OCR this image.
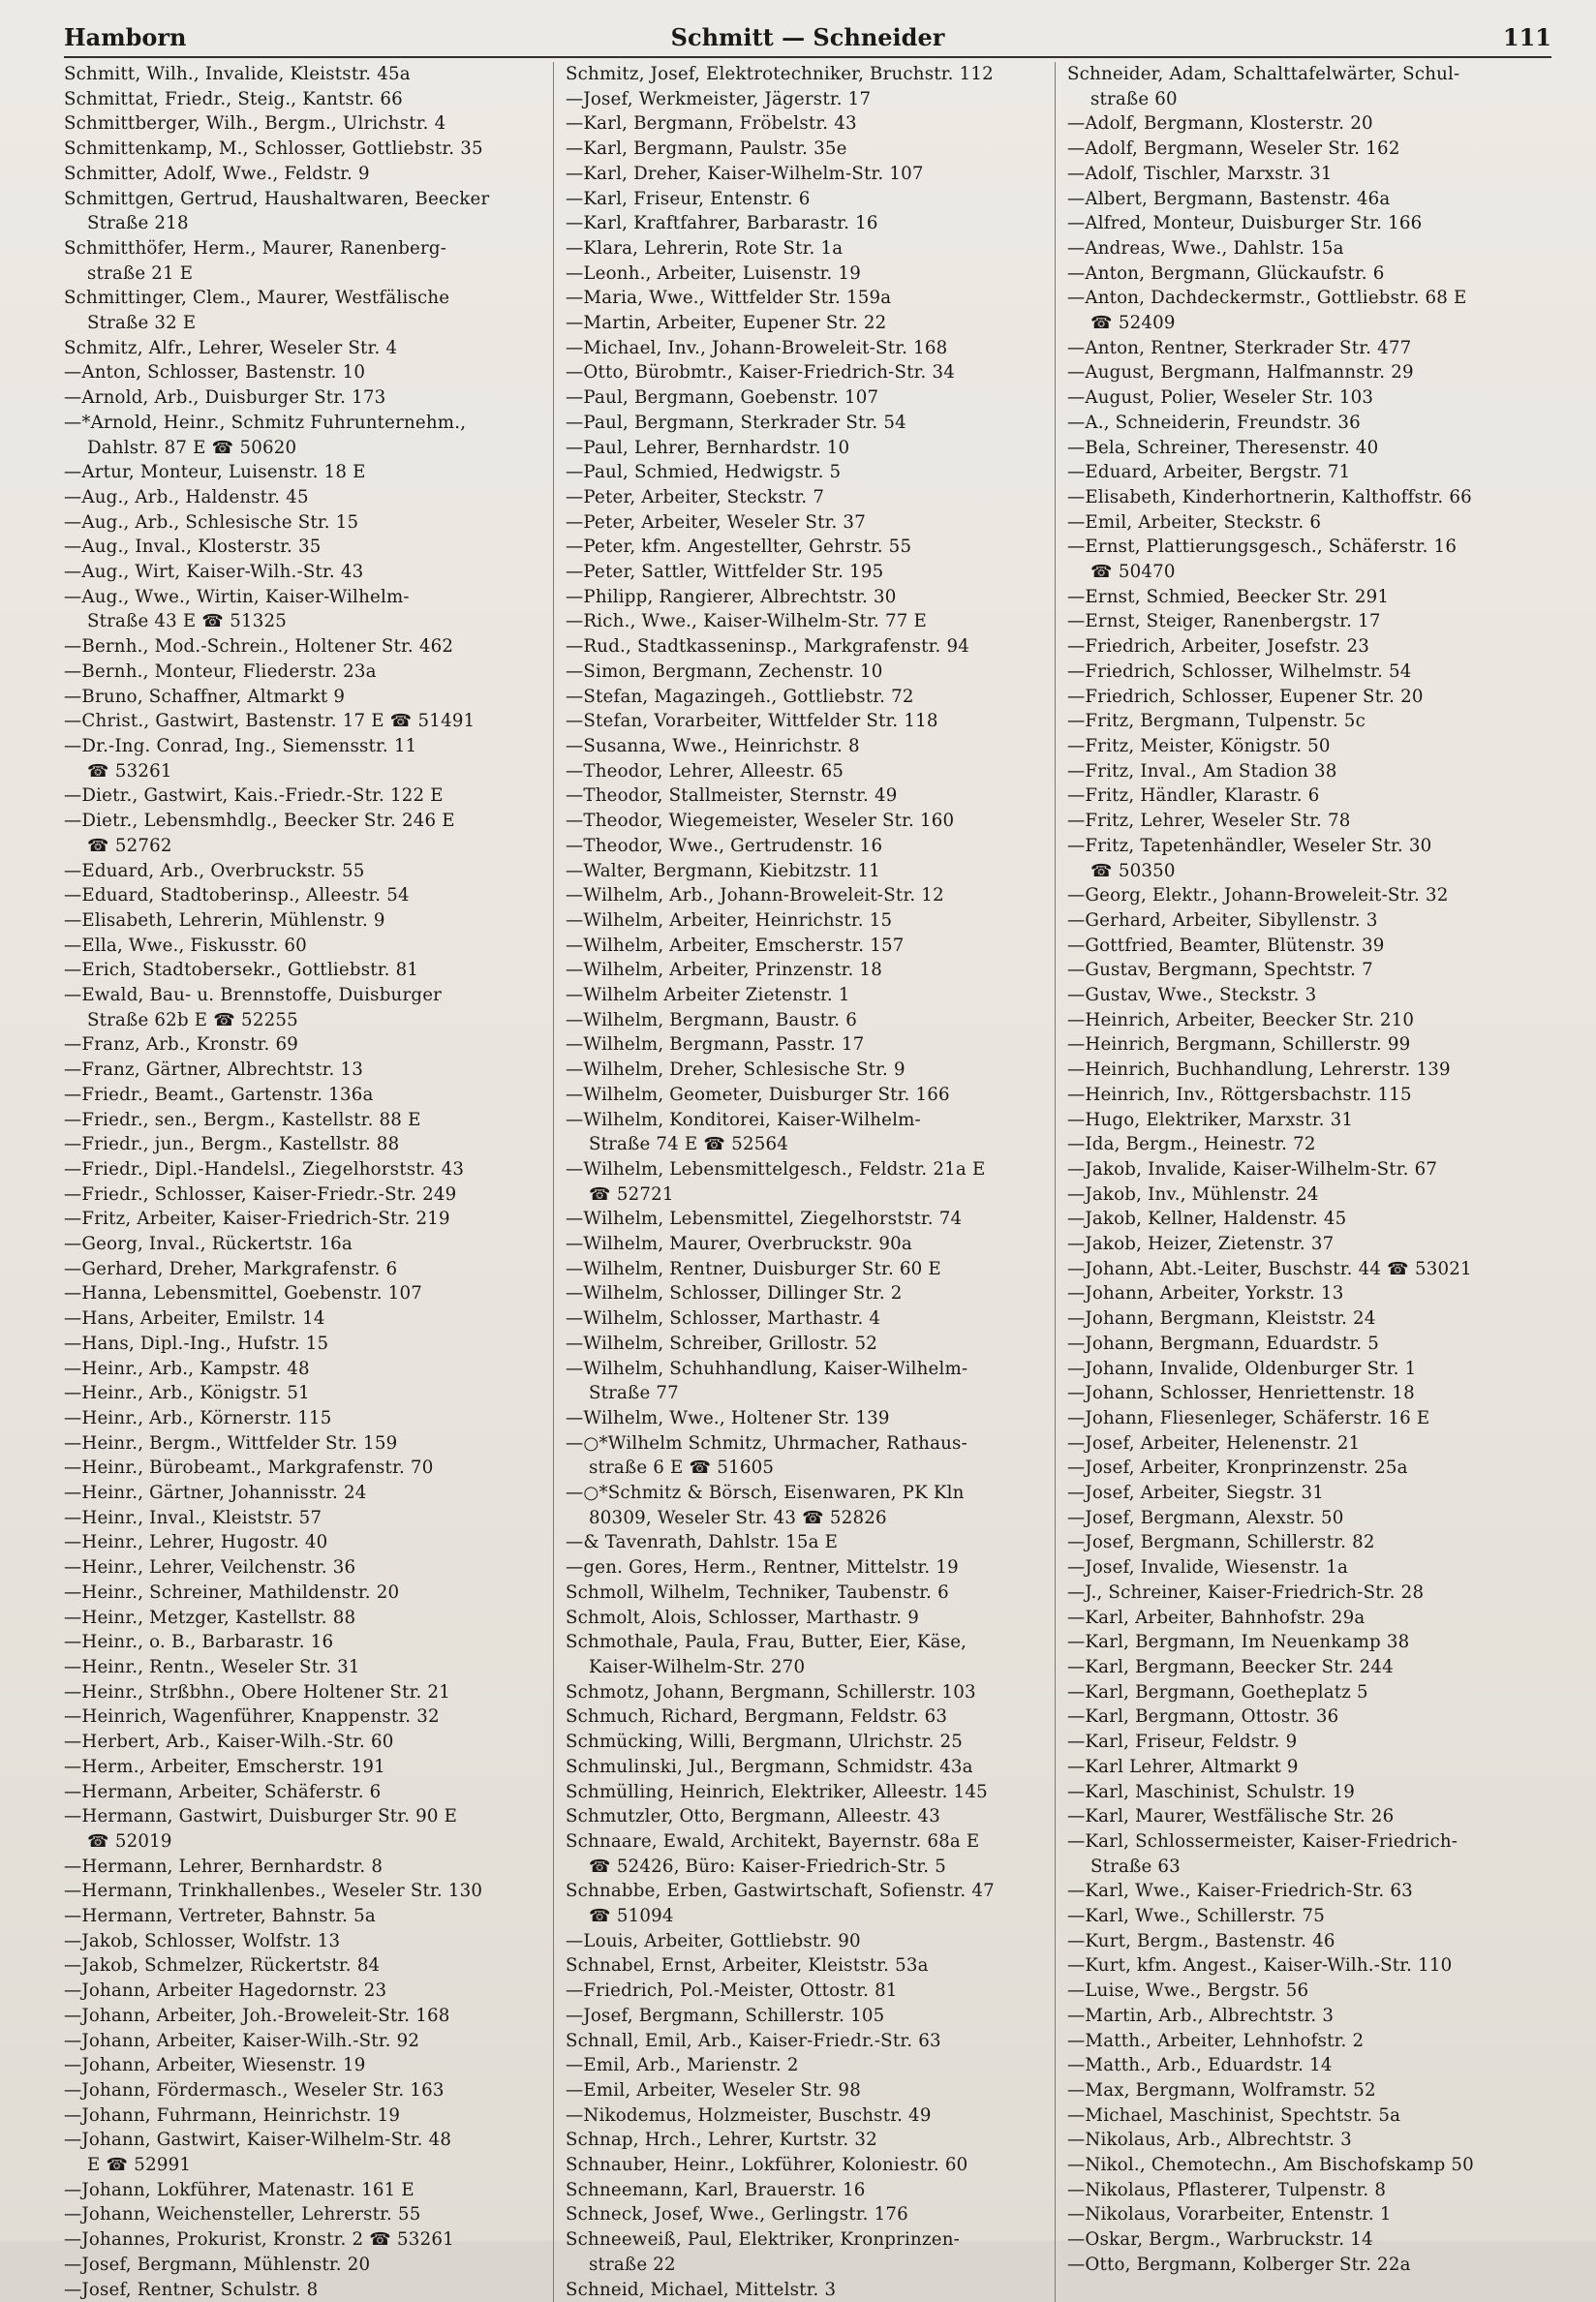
Hamborn	Schmitt — Schneider	111
Schmitt, Wilh., Invalide, Kleiststr. 45a
Schmittat, Friedr., Steig., Kantstr. 66
Schmittberger, Wilh., Bergm., Ulrichstr. 4
Schmittenkamp, M., Schlosser, Gottliebstr. 35
Schmitter, Adolf, Wwe., Feldstr. 9
Schmittgen, Gertrud, Haushaltwaren, Beecker
Straße 218
Schmitthöfer, Herm., Maurer, Ranenberg-
straße 21 E
Schmittinger, Clem., Maurer, Westfälische
Straße 32 E
Schmitz, Alfr., Lehrer, Weseler Str. 4
—Anton, Schlosser, Bastenstr. 10
—Arnold, Arb., Duisburger Str. 173
—*Arnold, Heinr., Schmitz Fuhrunternehm.,
Dahlstr. 87 E ☎ 50620
—Artur, Monteur, Luisenstr. 18 E
—Aug., Arb., Haldenstr. 45
—Aug., Arb., Schlesische Str. 15
—Aug., Inval., Klosterstr. 35
—Aug., Wirt, Kaiser-Wilh.-Str. 43
—Aug., Wwe., Wirtin, Kaiser-Wilhelm-
Straße 43 E ☎ 51325
—Bernh., Mod.-Schrein., Holtener Str. 462
—Bernh., Monteur, Fliederstr. 23a
—Bruno, Schaffner, Altmarkt 9
—Christ., Gastwirt, Bastenstr. 17 E ☎ 51491
—Dr.-Ing. Conrad, Ing., Siemensstr. 11
☎ 53261
—Dietr., Gastwirt, Kais.-Friedr.-Str. 122 E
—Dietr., Lebensmhdlg., Beecker Str. 246 E
☎ 52762
—Eduard, Arb., Overbruckstr. 55
—Eduard, Stadtoberinsp., Alleestr. 54
—Elisabeth, Lehrerin, Mühlenstr. 9
—Ella, Wwe., Fiskusstr. 60
—Erich, Stadtobersekr., Gottliebstr. 81
—Ewald, Bau- u. Brennstoffe, Duisburger
Straße 62b E ☎ 52255
—Franz, Arb., Kronstr. 69
—Franz, Gärtner, Albrechtstr. 13
—Friedr., Beamt., Gartenstr. 136a
—Friedr., sen., Bergm., Kastellstr. 88 E
—Friedr., jun., Bergm., Kastellstr. 88
—Friedr., Dipl.-Handelsl., Ziegelhorststr. 43
—Friedr., Schlosser, Kaiser-Friedr.-Str. 249
—Fritz, Arbeiter, Kaiser-Friedrich-Str. 219
—Georg, Inval., Rückertstr. 16a
—Gerhard, Dreher, Markgrafenstr. 6
—Hanna, Lebensmittel, Goebenstr. 107
—Hans, Arbeiter, Emilstr. 14
—Hans, Dipl.-Ing., Hufstr. 15
—Heinr., Arb., Kampstr. 48
—Heinr., Arb., Königstr. 51
—Heinr., Arb., Körnerstr. 115
—Heinr., Bergm., Wittfelder Str. 159
—Heinr., Bürobeamt., Markgrafenstr. 70
—Heinr., Gärtner, Johannisstr. 24
—Heinr., Inval., Kleiststr. 57
—Heinr., Lehrer, Hugostr. 40
—Heinr., Lehrer, Veilchenstr. 36
—Heinr., Schreiner, Mathildenstr. 20
—Heinr., Metzger, Kastellstr. 88
—Heinr., o. B., Barbarastr. 16
—Heinr., Rentn., Weseler Str. 31
—Heinr., Strßbhn., Obere Holtener Str. 21
—Heinrich, Wagenführer, Knappenstr. 32
—Herbert, Arb., Kaiser-Wilh.-Str. 60
—Herm., Arbeiter, Emscherstr. 191
—Hermann, Arbeiter, Schäferstr. 6
—Hermann, Gastwirt, Duisburger Str. 90 E
☎ 52019
—Hermann, Lehrer, Bernhardstr. 8
—Hermann, Trinkhallenbes., Weseler Str. 130
—Hermann, Vertreter, Bahnstr. 5a
—Jakob, Schlosser, Wolfstr. 13
—Jakob, Schmelzer, Rückertstr. 84
—Johann, Arbeiter Hagedornstr. 23
—Johann, Arbeiter, Joh.-Broweleit-Str. 168
—Johann, Arbeiter, Kaiser-Wilh.-Str. 92
—Johann, Arbeiter, Wiesenstr. 19
—Johann, Fördermasch., Weseler Str. 163
—Johann, Fuhrmann, Heinrichstr. 19
—Johann, Gastwirt, Kaiser-Wilhelm-Str. 48
E ☎ 52991
—Johann, Lokführer, Matenastr. 161 E
—Johann, Weichensteller, Lehrerstr. 55
—Johannes, Prokurist, Kronstr. 2 ☎ 53261
—Josef, Bergmann, Mühlenstr. 20
—Josef, Rentner, Schulstr. 8
Schmitz, Josef, Elektrotechniker, Bruchstr. 112
—Josef, Werkmeister, Jägerstr. 17
—Karl, Bergmann, Fröbelstr. 43
—Karl, Bergmann, Paulstr. 35e
—Karl, Dreher, Kaiser-Wilhelm-Str. 107
—Karl, Friseur, Entenstr. 6
—Karl, Kraftfahrer, Barbarastr. 16
—Klara, Lehrerin, Rote Str. 1a
—Leonh., Arbeiter, Luisenstr. 19
—Maria, Wwe., Wittfelder Str. 159a
—Martin, Arbeiter, Eupener Str. 22
—Michael, Inv., Johann-Broweleit-Str. 168
—Otto, Bürobmtr., Kaiser-Friedrich-Str. 34
—Paul, Bergmann, Goebenstr. 107
—Paul, Bergmann, Sterkrader Str. 54
—Paul, Lehrer, Bernhardstr. 10
—Paul, Schmied, Hedwigstr. 5
—Peter, Arbeiter, Steckstr. 7
—Peter, Arbeiter, Weseler Str. 37
—Peter, kfm. Angestellter, Gehrstr. 55
—Peter, Sattler, Wittfelder Str. 195
—Philipp, Rangierer, Albrechtstr. 30
—Rich., Wwe., Kaiser-Wilhelm-Str. 77 E
—Rud., Stadtkasseninsp., Markgrafenstr. 94
—Simon, Bergmann, Zechenstr. 10
—Stefan, Magazingeh., Gottliebstr. 72
—Stefan, Vorarbeiter, Wittfelder Str. 118
—Susanna, Wwe., Heinrichstr. 8
—Theodor, Lehrer, Alleestr. 65
—Theodor, Stallmeister, Sternstr. 49
—Theodor, Wiegemeister, Weseler Str. 160
—Theodor, Wwe., Gertrudenstr. 16
—Walter, Bergmann, Kiebitzstr. 11
—Wilhelm, Arb., Johann-Broweleit-Str. 12
—Wilhelm, Arbeiter, Heinrichstr. 15
—Wilhelm, Arbeiter, Emscherstr. 157
—Wilhelm, Arbeiter, Prinzenstr. 18
—Wilhelm Arbeiter Zietenstr. 1
—Wilhelm, Bergmann, Baustr. 6
—Wilhelm, Bergmann, Passtr. 17
—Wilhelm, Dreher, Schlesische Str. 9
—Wilhelm, Geometer, Duisburger Str. 166
—Wilhelm, Konditorei, Kaiser-Wilhelm-
Straße 74 E ☎ 52564
—Wilhelm, Lebensmittelgesch., Feldstr. 21a E
☎ 52721
—Wilhelm, Lebensmittel, Ziegelhorststr. 74
—Wilhelm, Maurer, Overbruckstr. 90a
—Wilhelm, Rentner, Duisburger Str. 60 E
—Wilhelm, Schlosser, Dillinger Str. 2
—Wilhelm, Schlosser, Marthastr. 4
—Wilhelm, Schreiber, Grillostr. 52
—Wilhelm, Schuhhandlung, Kaiser-Wilhelm-
Straße 77
—Wilhelm, Wwe., Holtener Str. 139
—○*Wilhelm Schmitz, Uhrmacher, Rathaus-
straße 6 E ☎ 51605
—○*Schmitz & Börsch, Eisenwaren, PK Kln
80309, Weseler Str. 43 ☎ 52826
—& Tavenrath, Dahlstr. 15a E
—gen. Gores, Herm., Rentner, Mittelstr. 19
Schmoll, Wilhelm, Techniker, Taubenstr. 6
Schmolt, Alois, Schlosser, Marthastr. 9
Schmothale, Paula, Frau, Butter, Eier, Käse,
Kaiser-Wilhelm-Str. 270
Schmotz, Johann, Bergmann, Schillerstr. 103
Schmuch, Richard, Bergmann, Feldstr. 63
Schmücking, Willi, Bergmann, Ulrichstr. 25
Schmulinski, Jul., Bergmann, Schmidstr. 43a
Schmülling, Heinrich, Elektriker, Alleestr. 145
Schmutzler, Otto, Bergmann, Alleestr. 43
Schnaare, Ewald, Architekt, Bayernstr. 68a E
☎ 52426, Büro: Kaiser-Friedrich-Str. 5
Schnabbe, Erben, Gastwirtschaft, Sofienstr. 47
☎ 51094
—Louis, Arbeiter, Gottliebstr. 90
Schnabel, Ernst, Arbeiter, Kleiststr. 53a
—Friedrich, Pol.-Meister, Ottostr. 81
—Josef, Bergmann, Schillerstr. 105
Schnall, Emil, Arb., Kaiser-Friedr.-Str. 63
—Emil, Arb., Marienstr. 2
—Emil, Arbeiter, Weseler Str. 98
—Nikodemus, Holzmeister, Buschstr. 49
Schnap, Hrch., Lehrer, Kurtstr. 32
Schnauber, Heinr., Lokführer, Koloniestr. 60
Schneemann, Karl, Brauerstr. 16
Schneck, Josef, Wwe., Gerlingstr. 176
Schneeweiß, Paul, Elektriker, Kronprinzen-
straße 22
Schneid, Michael, Mittelstr. 3
Schneider, Adam, Schalttafelwärter, Schul-
straße 60
—Adolf, Bergmann, Klosterstr. 20
—Adolf, Bergmann, Weseler Str. 162
—Adolf, Tischler, Marxstr. 31
—Albert, Bergmann, Bastenstr. 46a
—Alfred, Monteur, Duisburger Str. 166
—Andreas, Wwe., Dahlstr. 15a
—Anton, Bergmann, Glückaufstr. 6
—Anton, Dachdeckermstr., Gottliebstr. 68 E
☎ 52409
—Anton, Rentner, Sterkrader Str. 477
—August, Bergmann, Halfmannstr. 29
—August, Polier, Weseler Str. 103
—A., Schneiderin, Freundstr. 36
—Bela, Schreiner, Theresenstr. 40
—Eduard, Arbeiter, Bergstr. 71
—Elisabeth, Kinderhortnerin, Kalthoffstr. 66
—Emil, Arbeiter, Steckstr. 6
—Ernst, Plattierungsgesch., Schäferstr. 16
☎ 50470
—Ernst, Schmied, Beecker Str. 291
—Ernst, Steiger, Ranenbergstr. 17
—Friedrich, Arbeiter, Josefstr. 23
—Friedrich, Schlosser, Wilhelmstr. 54
—Friedrich, Schlosser, Eupener Str. 20
—Fritz, Bergmann, Tulpenstr. 5c
—Fritz, Meister, Königstr. 50
—Fritz, Inval., Am Stadion 38
—Fritz, Händler, Klarastr. 6
—Fritz, Lehrer, Weseler Str. 78
—Fritz, Tapetenhändler, Weseler Str. 30
☎ 50350
—Georg, Elektr., Johann-Broweleit-Str. 32
—Gerhard, Arbeiter, Sibyllenstr. 3
—Gottfried, Beamter, Blütenstr. 39
—Gustav, Bergmann, Spechtstr. 7
—Gustav, Wwe., Steckstr. 3
—Heinrich, Arbeiter, Beecker Str. 210
—Heinrich, Bergmann, Schillerstr. 99
—Heinrich, Buchhandlung, Lehrerstr. 139
—Heinrich, Inv., Röttgersbachstr. 115
—Hugo, Elektriker, Marxstr. 31
—Ida, Bergm., Heinestr. 72
—Jakob, Invalide, Kaiser-Wilhelm-Str. 67
—Jakob, Inv., Mühlenstr. 24
—Jakob, Kellner, Haldenstr. 45
—Jakob, Heizer, Zietenstr. 37
—Johann, Abt.-Leiter, Buschstr. 44 ☎ 53021
—Johann, Arbeiter, Yorkstr. 13
—Johann, Bergmann, Kleiststr. 24
—Johann, Bergmann, Eduardstr. 5
—Johann, Invalide, Oldenburger Str. 1
—Johann, Schlosser, Henriettenstr. 18
—Johann, Fliesenleger, Schäferstr. 16 E
—Josef, Arbeiter, Helenenstr. 21
—Josef, Arbeiter, Kronprinzenstr. 25a
—Josef, Arbeiter, Siegstr. 31
—Josef, Bergmann, Alexstr. 50
—Josef, Bergmann, Schillerstr. 82
—Josef, Invalide, Wiesenstr. 1a
—J., Schreiner, Kaiser-Friedrich-Str. 28
—Karl, Arbeiter, Bahnhofstr. 29a
—Karl, Bergmann, Im Neuenkamp 38
—Karl, Bergmann, Beecker Str. 244
—Karl, Bergmann, Goetheplatz 5
—Karl, Bergmann, Ottostr. 36
—Karl, Friseur, Feldstr. 9
—Karl Lehrer, Altmarkt 9
—Karl, Maschinist, Schulstr. 19
—Karl, Maurer, Westfälische Str. 26
—Karl, Schlossermeister, Kaiser-Friedrich-
Straße 63
—Karl, Wwe., Kaiser-Friedrich-Str. 63
—Karl, Wwe., Schillerstr. 75
—Kurt, Bergm., Bastenstr. 46
—Kurt, kfm. Angest., Kaiser-Wilh.-Str. 110
—Luise, Wwe., Bergstr. 56
—Martin, Arb., Albrechtstr. 3
—Matth., Arbeiter, Lehnhofstr. 2
—Matth., Arb., Eduardstr. 14
—Max, Bergmann, Wolframstr. 52
—Michael, Maschinist, Spechtstr. 5a
—Nikolaus, Arb., Albrechtstr. 3
—Nikol., Chemotechn., Am Bischofskamp 50
—Nikolaus, Pflasterer, Tulpenstr. 8
—Nikolaus, Vorarbeiter, Entenstr. 1
—Oskar, Bergm., Warbruckstr. 14
—Otto, Bergmann, Kolberger Str. 22a
